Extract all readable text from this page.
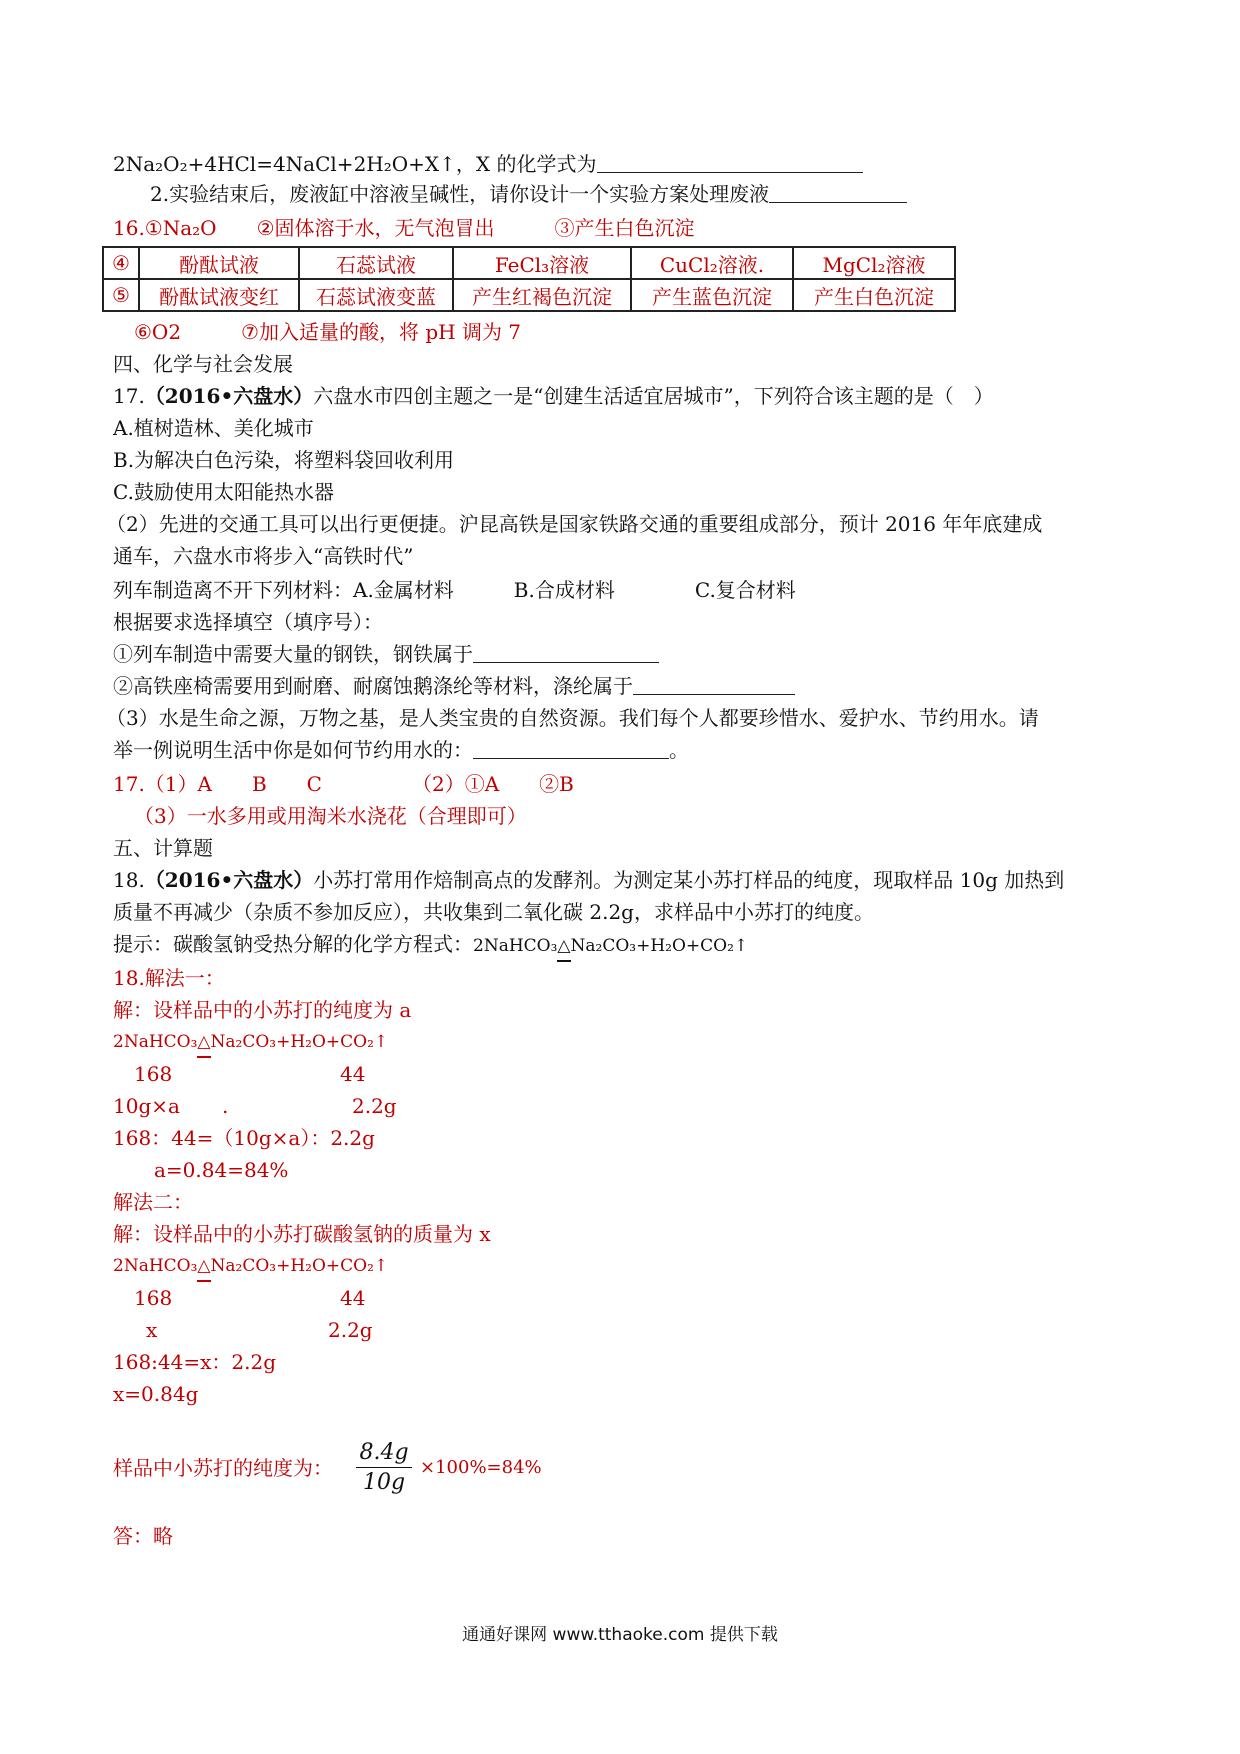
2Na₂O₂+4HCl=4NaCl+2H₂O+X↑，X 的化学式为
2.实验结束后，废液缸中溶液呈碱性，请你设计一个实验方案处理废液
16.①Na₂O　　②固体溶于水，无气泡冒出　　　③产生白色沉淀
④	酚酞试液	石蕊试液	FeCl₃溶液	CuCl₂溶液.	MgCl₂溶液
⑤	酚酞试液变红	石蕊试液变蓝	产生红褐色沉淀	产生蓝色沉淀	产生白色沉淀
⑥O2　　　⑦加入适量的酸，将 pH 调为 7
四、化学与社会发展
17.（2016•六盘水）六盘水市四创主题之一是“创建生活适宜居城市”，下列符合该主题的是（　）
A.植树造林、美化城市
B.为解决白色污染，将塑料袋回收利用
C.鼓励使用太阳能热水器
（2）先进的交通工具可以出行更便捷。沪昆高铁是国家铁路交通的重要组成部分，预计 2016 年年底建成
通车，六盘水市将步入“高铁时代”
列车制造离不开下列材料：A.金属材料　　　B.合成材料　　　　C.复合材料
根据要求选择填空（填序号）：
①列车制造中需要大量的钢铁，钢铁属于
②高铁座椅需要用到耐磨、耐腐蚀鹅涤纶等材料，涤纶属于
（3）水是生命之源，万物之基，是人类宝贵的自然资源。我们每个人都要珍惜水、爱护水、节约用水。请
举一例说明生活中你是如何节约用水的：	。
17.（1）A　　B　　C　　　　　（2）①A　　②B
（3）一水多用或用淘米水浇花（合理即可）
五、计算题
18.（2016•六盘水）小苏打常用作焙制高点的发酵剂。为测定某小苏打样品的纯度，现取样品 10g 加热到
质量不再减少（杂质不参加反应），共收集到二氧化碳 2.2g，求样品中小苏打的纯度。
提示：碳酸氢钠受热分解的化学方程式：2NaHCO₃△Na₂CO₃+H₂O+CO₂↑
18.解法一：
解：设样品中的小苏打的纯度为 a
2NaHCO₃△Na₂CO₃+H₂O+CO₂↑
168	44
10g×a .	2.2g
168：44=（10g×a）：2.2g
a=0.84=84%
解法二：
解：设样品中的小苏打碳酸氢钠的质量为 x
2NaHCO₃△Na₂CO₃+H₂O+CO₂↑
168	44
x	2.2g
168:44=x：2.2g
x=0.84g
样品中小苏打的纯度为： $\frac{8.4g}{10g} \times 100\%=84\%$
答：略
通通好课网 www.tthaoke.com 提供下载
